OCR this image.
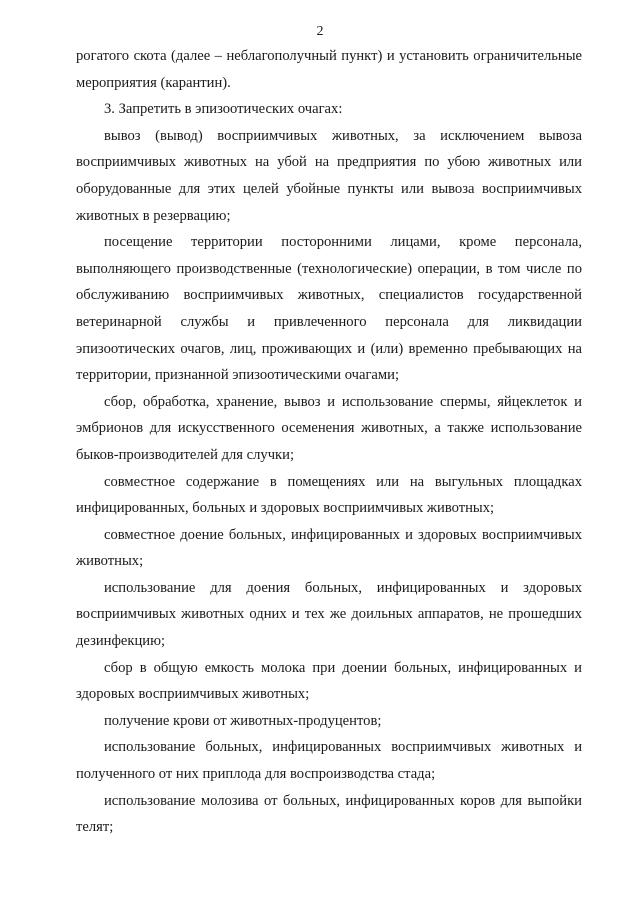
2

рогатого скота (далее – неблагополучный пункт) и установить ограничительные мероприятия (карантин).

3. Запретить в эпизоотических очагах:

вывоз (вывод) восприимчивых животных, за исключением вывоза восприимчивых животных на убой на предприятия по убою животных или оборудованные для этих целей убойные пункты или вывоза восприимчивых животных в резервацию;

посещение территории посторонними лицами, кроме персонала, выполняющего производственные (технологические) операции, в том числе по обслуживанию восприимчивых животных, специалистов государственной ветеринарной службы и привлеченного персонала для ликвидации эпизоотических очагов, лиц, проживающих и (или) временно пребывающих на территории, признанной эпизоотическими очагами;

сбор, обработка, хранение, вывоз и использование спермы, яйцеклеток и эмбрионов для искусственного осеменения животных, а также использование быков-производителей для случки;

совместное содержание в помещениях или на выгульных площадках инфицированных, больных и здоровых восприимчивых животных;

совместное доение больных, инфицированных и здоровых восприимчивых животных;

использование для доения больных, инфицированных и здоровых восприимчивых животных одних и тех же доильных аппаратов, не прошедших дезинфекцию;

сбор в общую емкость молока при доении больных, инфицированных и здоровых восприимчивых животных;

получение крови от животных-продуцентов;

использование больных, инфицированных восприимчивых животных и полученного от них приплода для воспроизводства стада;

использование молозива от больных, инфицированных коров для выпойки телят;
